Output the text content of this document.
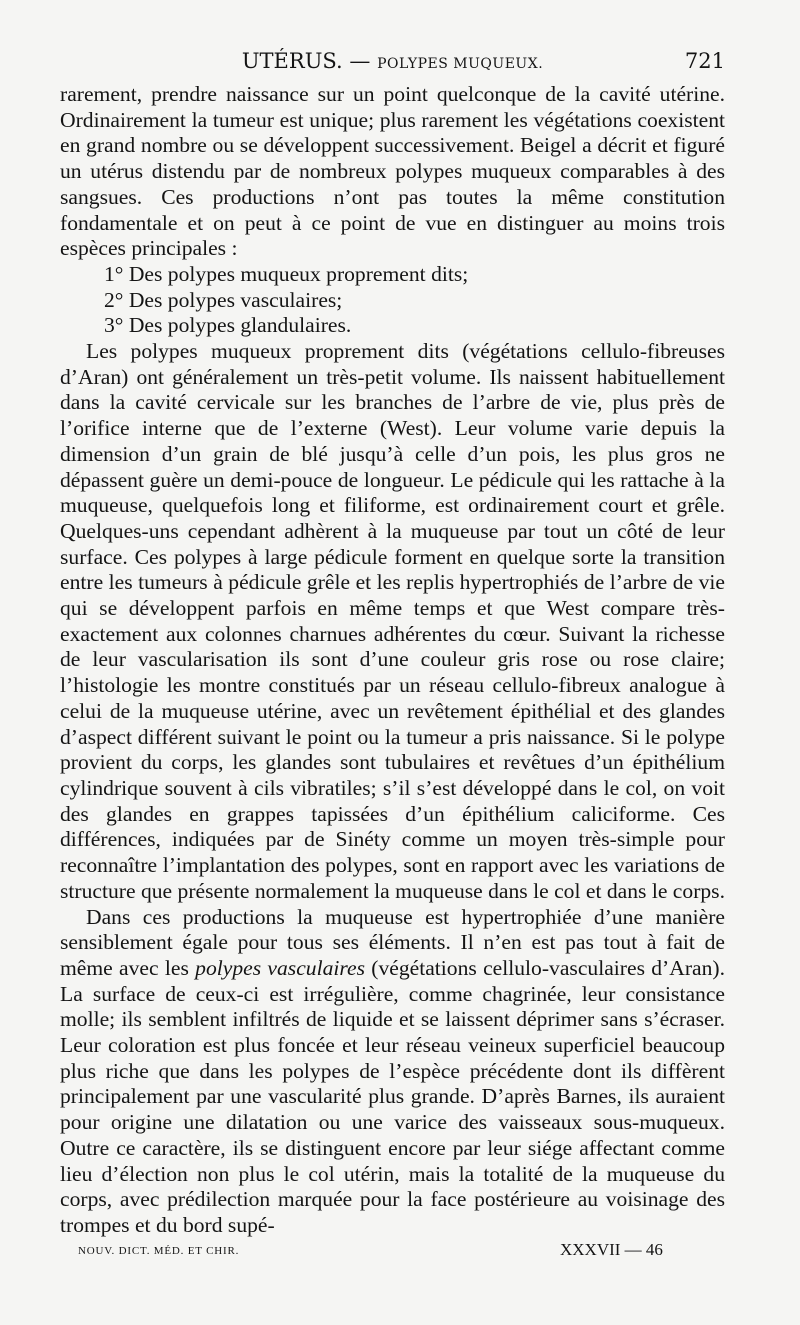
UTÉRUS. — POLYPES MUQUEUX.	721

rarement, prendre naissance sur un point quelconque de la cavité utérine. Ordinairement la tumeur est unique; plus rarement les végétations coexistent en grand nombre ou se développent successivement. Beigel a décrit et figuré un utérus distendu par de nombreux polypes muqueux comparables à des sangsues. Ces productions n’ont pas toutes la même constitution fondamentale et on peut à ce point de vue en distinguer au moins trois espèces principales :

1° Des polypes muqueux proprement dits;

2° Des polypes vasculaires;

3° Des polypes glandulaires.

Les polypes muqueux proprement dits (végétations cellulo-fibreuses d’Aran) ont généralement un très-petit volume. Ils naissent habituellement dans la cavité cervicale sur les branches de l’arbre de vie, plus près de l’orifice interne que de l’externe (West). Leur volume varie depuis la dimension d’un grain de blé jusqu’à celle d’un pois, les plus gros ne dépassent guère un demi-pouce de longueur. Le pédicule qui les rattache à la muqueuse, quelquefois long et filiforme, est ordinairement court et grêle. Quelques-uns cependant adhèrent à la muqueuse par tout un côté de leur surface. Ces polypes à large pédicule forment en quelque sorte la transition entre les tumeurs à pédicule grêle et les replis hypertrophiés de l’arbre de vie qui se développent parfois en même temps et que West compare très-exactement aux colonnes charnues adhérentes du cœur. Suivant la richesse de leur vascularisation ils sont d’une couleur gris rose ou rose claire; l’histologie les montre constitués par un réseau cellulo-fibreux analogue à celui de la muqueuse utérine, avec un revêtement épithélial et des glandes d’aspect différent suivant le point ou la tumeur a pris naissance. Si le polype provient du corps, les glandes sont tubulaires et revêtues d’un épithélium cylindrique souvent à cils vibratiles; s’il s’est développé dans le col, on voit des glandes en grappes tapissées d’un épithélium caliciforme. Ces différences, indiquées par de Sinéty comme un moyen très-simple pour reconnaître l’implantation des polypes, sont en rapport avec les variations de structure que présente normalement la muqueuse dans le col et dans le corps.

Dans ces productions la muqueuse est hypertrophiée d’une manière sensiblement égale pour tous ses éléments. Il n’en est pas tout à fait de même avec les polypes vasculaires (végétations cellulo-vasculaires d’Aran). La surface de ceux-ci est irrégulière, comme chagrinée, leur consistance molle; ils semblent infiltrés de liquide et se laissent déprimer sans s’écraser. Leur coloration est plus foncée et leur réseau veineux superficiel beaucoup plus riche que dans les polypes de l’espèce précédente dont ils diffèrent principalement par une vascularité plus grande. D’après Barnes, ils auraient pour origine une dilatation ou une varice des vaisseaux sous-muqueux. Outre ce caractère, ils se distinguent encore par leur siége affectant comme lieu d’élection non plus le col utérin, mais la totalité de la muqueuse du corps, avec prédilection marquée pour la face postérieure au voisinage des trompes et du bord supé-

NOUV. DICT. MÉD. ET CHIR.	XXXVII — 46
